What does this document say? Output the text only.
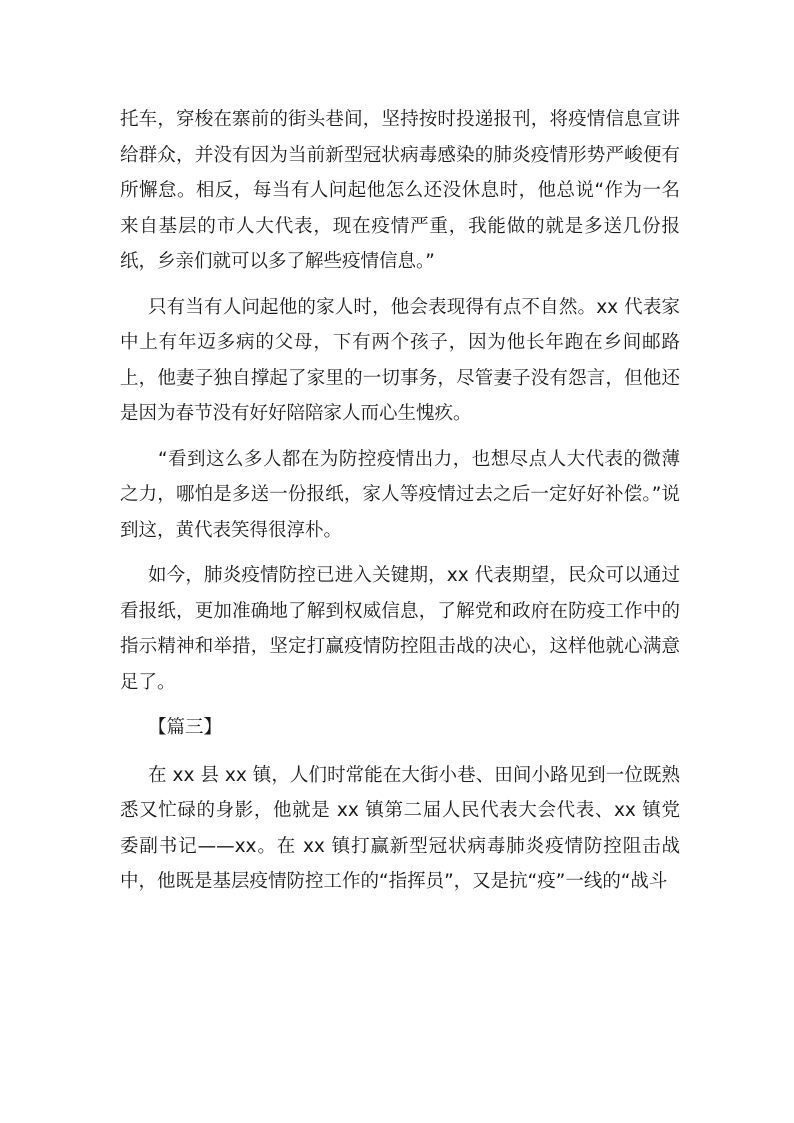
托车，穿梭在寨前的街头巷间，坚持按时投递报刊，将疫情信息宣讲给群众，并没有因为当前新型冠状病毒感染的肺炎疫情形势严峻便有所懈怠。相反，每当有人问起他怎么还没休息时，他总说“作为一名来自基层的市人大代表，现在疫情严重，我能做的就是多送几份报纸，乡亲们就可以多了解些疫情信息。”

只有当有人问起他的家人时，他会表现得有点不自然。xx 代表家中上有年迈多病的父母，下有两个孩子，因为他长年跑在乡间邮路上，他妻子独自撑起了家里的一切事务，尽管妻子没有怨言，但他还是因为春节没有好好陪陪家人而心生愧疚。

“看到这么多人都在为防控疫情出力，也想尽点人大代表的微薄之力，哪怕是多送一份报纸，家人等疫情过去之后一定好好补偿。”说到这，黄代表笑得很淳朴。

如今，肺炎疫情防控已进入关键期，xx 代表期望，民众可以通过看报纸，更加准确地了解到权威信息，了解党和政府在防疫工作中的指示精神和举措，坚定打赢疫情防控阻击战的决心，这样他就心满意足了。

【篇三】

在 xx 县 xx 镇，人们时常能在大街小巷、田间小路见到一位既熟悉又忙碌的身影，他就是 xx 镇第二届人民代表大会代表、xx 镇党委副书记——xx。在 xx 镇打赢新型冠状病毒肺炎疫情防控阻击战中，他既是基层疫情防控工作的“指挥员”，又是抗“疫”一线的“战斗
